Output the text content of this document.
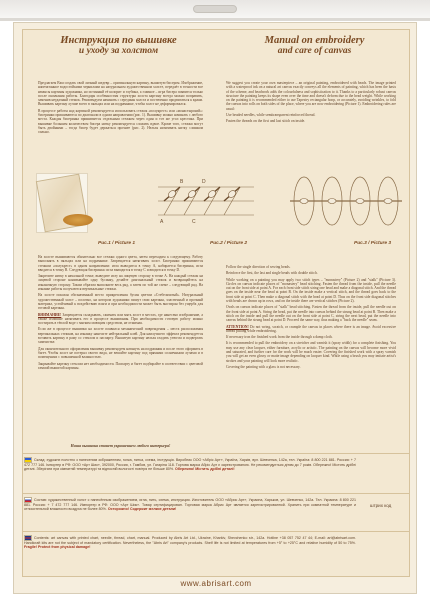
Инструкция по вышивке
и уходу за холстом
Manual on embroidery
and care of canvas

Предлагаем Вам создать свой личный шедевр – оригинальную картину, вышитую бисером. Изображение, напечатанное водостойкими чернилами на натуральном художественном холсте, передаёт в точности все нюансы картины художника, но истинный её колорит и глубина, а главное – игра бисера появится только после окончания работы. Благодаря особенностям структуры холста картину всегда можно поправить, заменив неудачный стежок. Рекомендуем начинать с середины холста и постепенно продвигаться к краям. Вышивать картину лучше всего в пяльцах или на подрамнике, чтобы холст не деформировался.

В процессе работы над картиной рекомендуется использовать стежок «полукрест» или «монастырский»: бисеринки пришиваются по диагонали в одном направлении (рис. 1). Вышивку можно начинать с любого места. Каждая бисеринка пришивается отдельным стежком через один и тот же угол крестика. При вышивке большим количеством бисера нитку рекомендуется сложить вдвое. Кроме того, стежки могут быть двойными – тогда бисер будет держаться прочнее (рис. 2). Нельзя натягивать нитку слишком сильно.

We suggest you create your own masterpiece – an original painting, embroidered with beads. The image printed with a waterproof ink on a natural art canvas exactly conveys all the elements of painting, which has been the basis of the scheme, and beadwork adds the colourfulness and sophistication to it. Thanks to a particularly robust canvas structure the painting keeps its shape even over the time and doesn't deform due to the bead weight. While working on the painting it is recommended either to use Tapestry rectangular hoop, or accurately, avoiding wrinkles, to fold the canvas into rolls on both sides of the place, where you are now embroidering (Picture 1). Embroidering rules are usual:

Use beaded needles, while semitransparent reinforced thread.

Fasten the threads on the first and last stitch on inside.

A
B
C
D
Рис.1 / Picture 1	Рис.2 / Picture 2	Рис.3 / Picture 3

На холсте вышиваются обязательно все стежки одного цвета, затем переходим к следующему. Работу выполнять в пяльцах или на подрамнике. Запрещается натягивать холст. Бисеринки пришиваются стежком «полукрест» в одном направлении: игла выводится в точку А, набирается бисеринка, игла вводится в точку В. Следующая бисеринка: игла выводится в точку С и вводится в точку D.

Закрепите нитку в начальной точке, выведите иглу на лицевую сторону в точке А. На каждый стежок на лицевой стороне нанизывайте одну бусинку, делайте диагональный стежок и возвращайтесь на изнаночную сторону. Таким образом выполните весь ряд, а затем по той же схеме – следующий ряд. На изнанке работы получаются вертикальные стежки.

На холсте показан обозначенный место прикрепления бусин цветом «Стебельчатый». Натуральный художественный холст – полотно, на котором художники пишут свои картины, эластичный и прочный материал, устойчивый к воздействию влаги и при необходимости может быть выстиран без ущерба для готовой картины.

ВНИМАНИЕ! Запрещается складывать, сжимать или мять холст в местах, где нанесено изображение, а также излишне натягивать его в процессе вышивания. При необходимости готовую работу можно постирать в тёплой воде с мягким моющим средством, не отжимая.

Если же в процессе вышивки на холсте появился механический повреждения – места расположения вертикальных стежков, на изнанку нанесите нейтральный клей. Для наилучшего эффекта рекомендуется вставить картину в раму со стеклом и паспарту. Вышитую картину нельзя гладить утюгом и подвергать химчистке.

Для окончательного оформления вышивку рекомендуем натянуть на подрамник и после этого оформить в багет. Чтобы холст не потерял своего вида, не вешайте картину под прямыми солнечными лучами и в помещениях с повышенной влажностью.

Закрывайте картину стеклом нет необходимости. Паспарту и багет подбирайте в соответствии с цветовой гаммой вышитой картины.

Наша вышивка станет украшением любого интерьера!

Follow the single direction of sewing beads.

Reinforce the first, the last and single beads with double stitch.

While working on a painting you may apply two stitch types – "monastery" (Picture 2) and "stalk" (Picture 3). Circles on canvas indicate places of "monastery" bead stitching. Fasten the thread from the inside, pull the needle out on the front side at point A. For each front side stitch string one bead and make a diagonal stitch. And the thread goes on the inside near the bead at point B. On the inside make a vertical stitch, and the thread goes back to the front side at point C. Then make a diagonal stitch with the bead at point D. Thus on the front side diagonal stitches with beads are drawn up in rows, and on the inside there are vertical stitches (Picture 2).

Ovals on canvas indicate places of "stalk" bead stitching. Fasten the thread from the inside, pull the needle out on the front side at point A. String the bead, put the needle into canvas behind the strung bead at point B. Then make a stitch on the inside and pull the needle out on the front side at point C, string the next bead, put the needle into canvas behind the strung bead at point D. Proceed the same way, thus making a "back the needle" seam.

ATTENTION! Do not wring, scratch, or crumple the canvas in places where there is an image. Avoid excessive thread pulling while embroidering.

If necessary iron the finished work from the inside through a damp cloth.

It is recommended to pull the embroidery on a stretcher and varnish it (spray width) for a complete finishing. You may use any clear lacquer, either furniture, acrylic or artistic. The painting on the canvas will become more vivid and saturated, and further care for the work will be much easier. Covering the finished work with a spray varnish you will get an even glossy or matte image depending on lacquer kind. While using a brush you may imitate artist's strokes and your painting will look more realistic.

Covering the painting with a glass is not necessary.

Склад: художнє полотно з нанесеним зображенням, голка, нитка, схема, інструкція. Виробник ООО «Абріс Арт», Україна, Харків, вул. Шевченка, 142а, тел. Україна: 8 800 221 881. Россия: + 7 472 777 146. Імпортер в РФ: ООО «Арт Шик», 392000, Россия, г. Тамбов, ул. Гагаріна 118. Торгова марка Абріс Арт є зареєстрованою. Не рекомендується дітям до 7 років. Обережно! Містить дрібні деталі. Зберігати при кімнатній температурі та відносній вологості повітря не більше 80%. Обережно! Містить дрібні деталі!
Состав: художественный холст с нанесённым изображением, игла, нить, схема, инструкция. Изготовитель ООО «Абрис Арт», Украина, Харьков, ул. Шевченко, 142а. Тел. Украина: 8 800 221 881. Россия: + 7 472 777 146. Импортер в РФ: ООО «Арт Шик». Товар сертифицирован. Торговая марка Абрис Арт является зарегистрированной. Хранить при комнатной температуре и относительной влажности воздуха не более 80%. Осторожно! Содержит мелкие детали!
штрих код
Contents: art canvas with printed chart, needle, thread, chart, manual. Produced by Abris Art Ltd., Ukraine, Kharkiv, Shevchenko str., 142a. Hotline +38 057 752 47 44; E-mail: art@abrisart.com. Handicraft kits are not the subject of mandatory certification. Nevertheless, the "Abris Art" company's products. Shelf life is not limited at temperatures from +5° to +25°C and relative humidity of 50 to 75%. Fragile! Protect from physical damage!
www.abrisart.com
